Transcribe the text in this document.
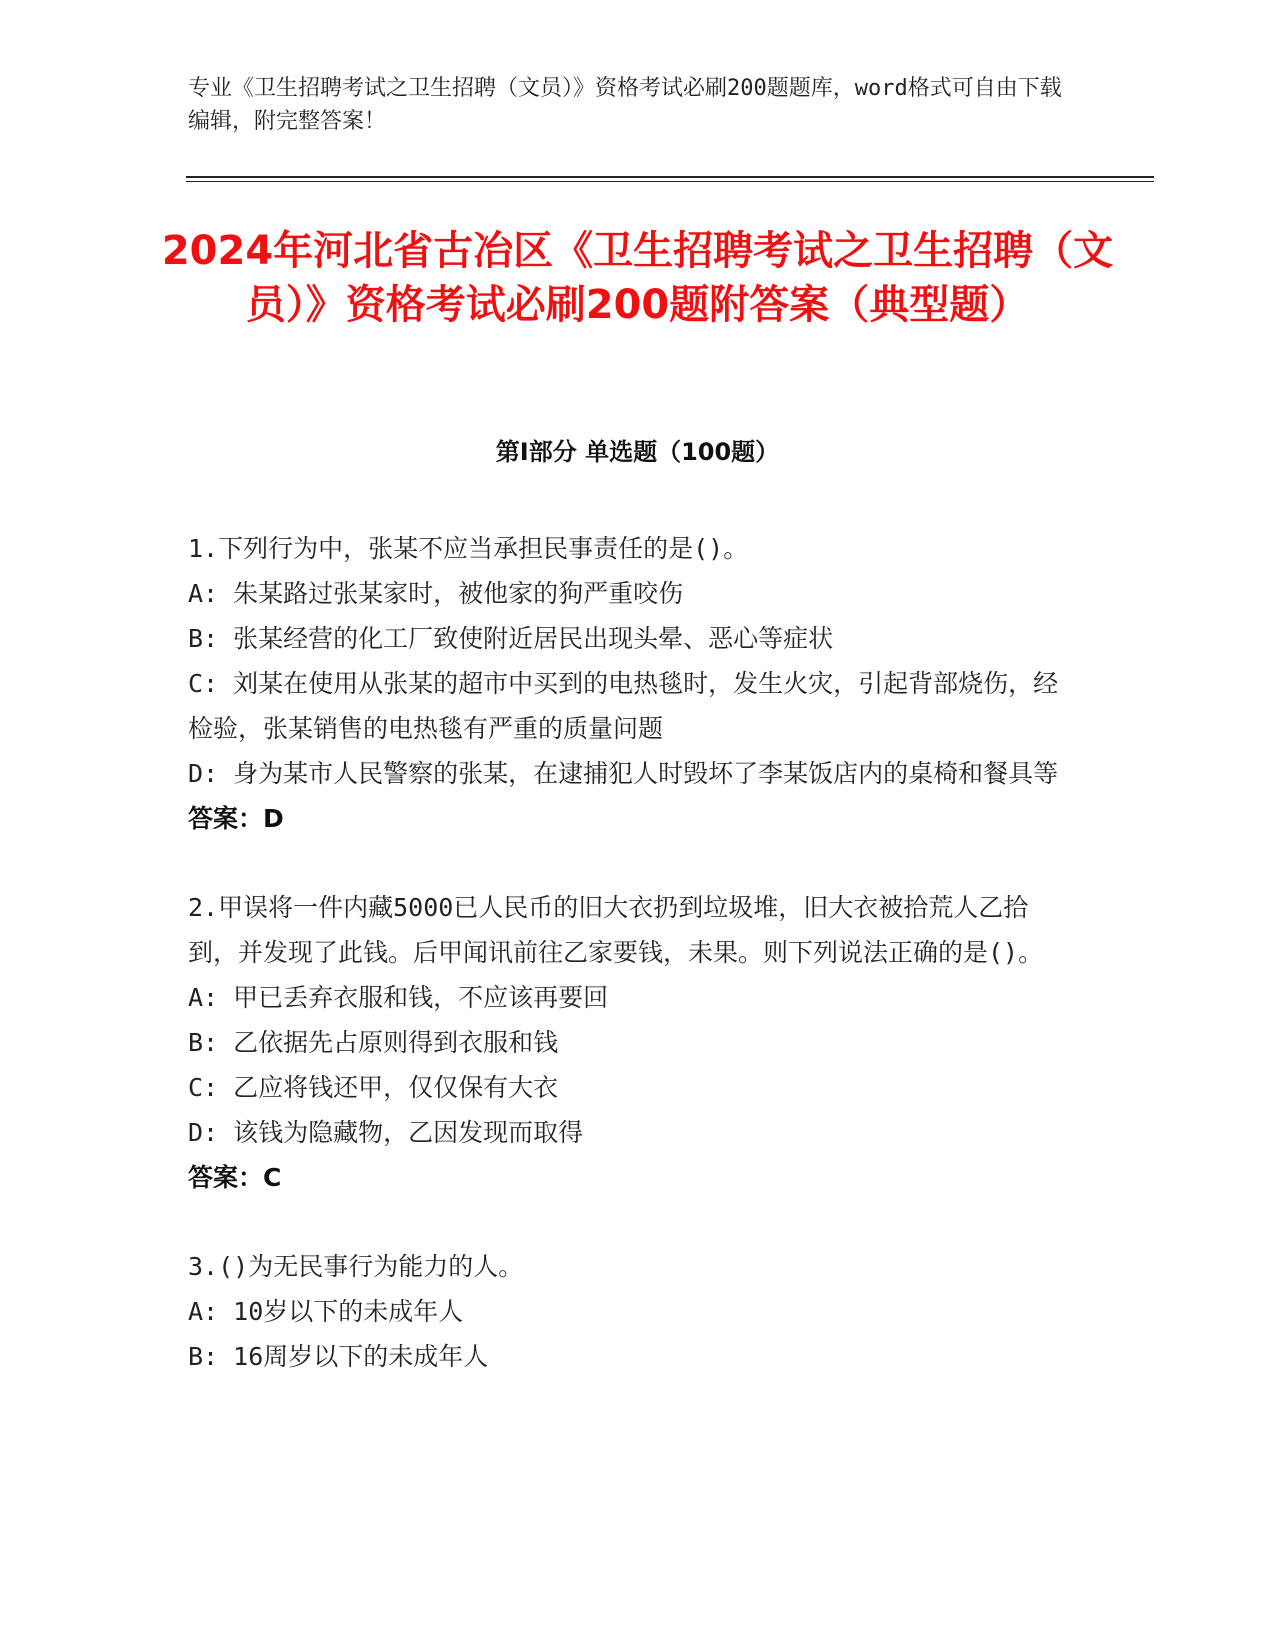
专业《卫生招聘考试之卫生招聘（文员）》资格考试必刷200题题库，word格式可自由下载编辑，附完整答案！
2024年河北省古冶区《卫生招聘考试之卫生招聘（文员）》资格考试必刷200题附答案（典型题）
第Ⅰ部分 单选题（100题）
1.下列行为中，张某不应当承担民事责任的是()。
A: 朱某路过张某家时，被他家的狗严重咬伤
B: 张某经营的化工厂致使附近居民出现头晕、恶心等症状
C: 刘某在使用从张某的超市中买到的电热毯时，发生火灾，引起背部烧伤，经检验，张某销售的电热毯有严重的质量问题
D: 身为某市人民警察的张某，在逮捕犯人时毁坏了李某饭店内的桌椅和餐具等
答案：D
2.甲误将一件内藏5000已人民币的旧大衣扔到垃圾堆，旧大衣被拾荒人乙拾到，并发现了此钱。后甲闻讯前往乙家要钱，未果。则下列说法正确的是()。
A: 甲已丢弃衣服和钱，不应该再要回
B: 乙依据先占原则得到衣服和钱
C: 乙应将钱还甲，仅仅保有大衣
D: 该钱为隐藏物，乙因发现而取得
答案：C
3.()为无民事行为能力的人。
A: 10岁以下的未成年人
B: 16周岁以下的未成年人
